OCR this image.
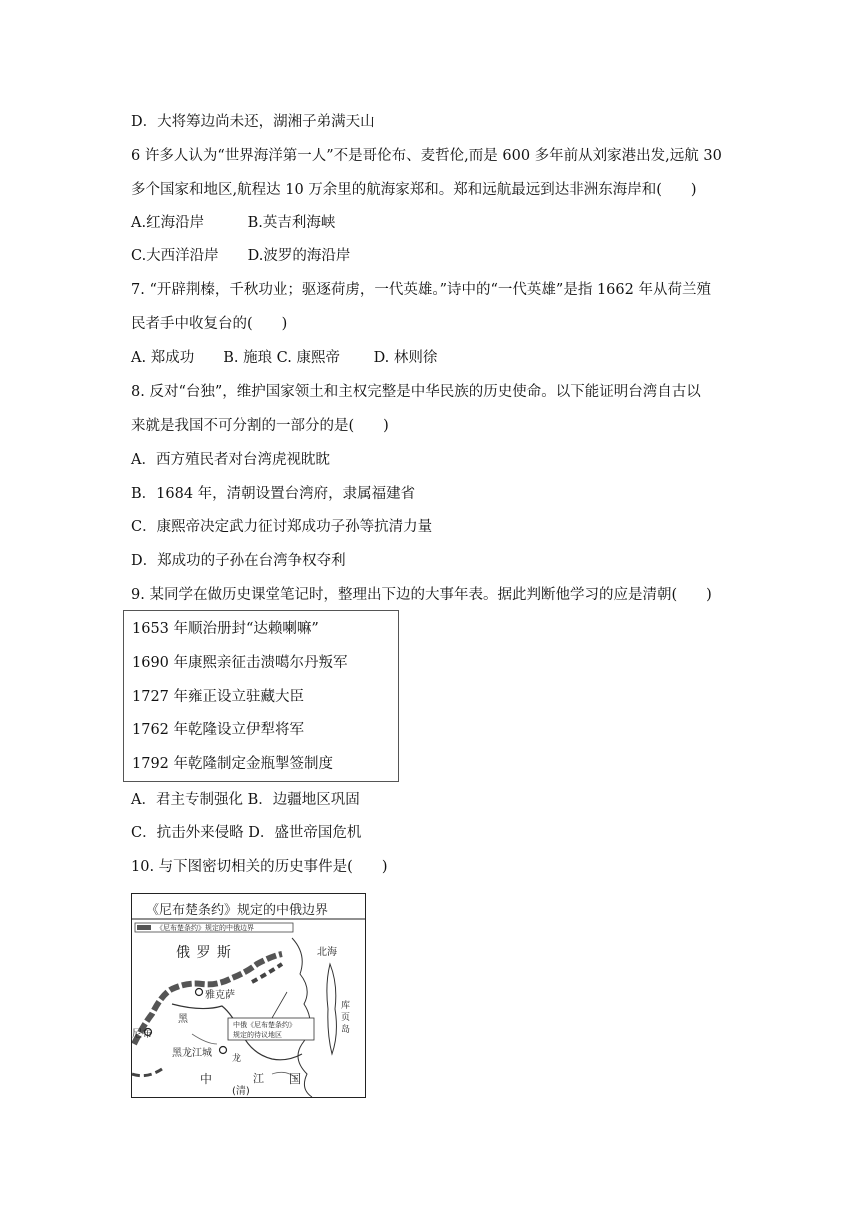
D．大将筹边尚未还，湖湘子弟满天山
6 许多人认为“世界海洋第一人”不是哥伦布、麦哲伦,而是 600 多年前从刘家港出发,远航 30
多个国家和地区,航程达 10 万余里的航海家郑和。郑和远航最远到达非洲东海岸和(　　)
A.红海沿岸　　　B.英吉利海峡
C.大西洋沿岸　　D.波罗的海沿岸
7. “开辟荆榛，千秋功业；驱逐荷虏，一代英雄。”诗中的“一代英雄”是指 1662 年从荷兰殖
民者手中收复台的(　　)
A. 郑成功　　B. 施琅 C. 康熙帝　　 D. 林则徐
8. 反对“台独”，维护国家领土和主权完整是中华民族的历史使命。以下能证明台湾自古以
来就是我国不可分割的一部分的是(　　)
A．西方殖民者对台湾虎视眈眈
B．1684 年，清朝设置台湾府，隶属福建省
C．康熙帝决定武力征讨郑成功子孙等抗清力量
D．郑成功的子孙在台湾争权夺利
9. 某同学在做历史课堂笔记时，整理出下边的大事年表。据此判断他学习的应是清朝(　　)
1653 年顺治册封“达赖喇嘛”
1690 年康熙亲征击溃噶尔丹叛军
1727 年雍正设立驻藏大臣
1762 年乾隆设立伊犁将军
1792 年乾隆制定金瓶掣签制度
A．君主专制强化 B．边疆地区巩固
C．抗击外来侵略 D．盛世帝国危机
10. 与下图密切相关的历史事件是(　　)
《尼布楚条约》规定的中俄边界
《尼布楚条约》规定的中俄边界
俄 罗 斯	北海
雅克萨
尼布
黑	中俄《尼布楚条约》
规定的待议地区
黑龙江城 龙
中	江
(清)
国
库
页
岛
